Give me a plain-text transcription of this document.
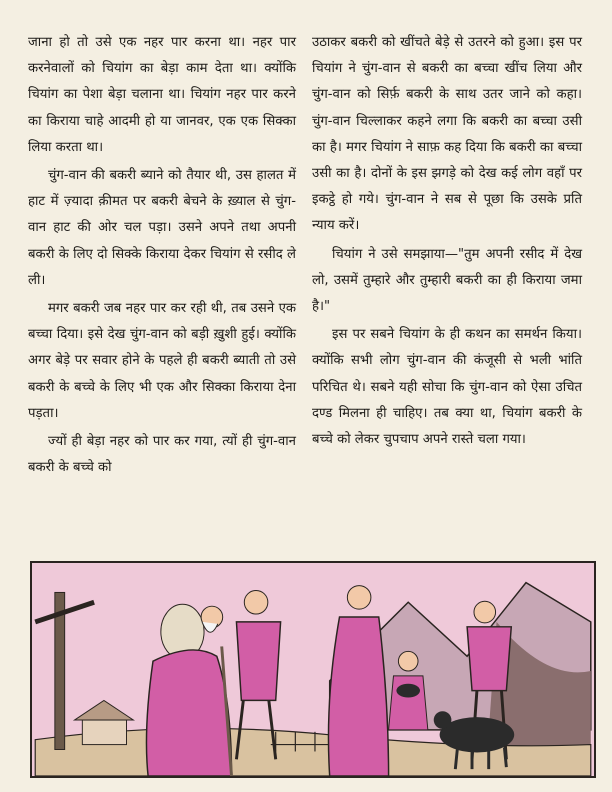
जाना हो तो उसे एक नहर पार करना था। नहर पार करनेवालों को चियांग का बेड़ा काम देता था। क्योंकि चियांग का पेशा बेड़ा चलाना था। चियांग नहर पार करने का किराया चाहे आदमी हो या जानवर, एक एक सिक्का लिया करता था।

चुंग-वान की बकरी ब्याने को तैयार थी, उस हालत में हाट में ज़्यादा क़ीमत पर बकरी बेचने के ख़्याल से चुंग-वान हाट की ओर चल पड़ा। उसने अपने तथा अपनी बकरी के लिए दो सिक्के किराया देकर चियांग से रसीद ले ली।

मगर बकरी जब नहर पार कर रही थी, तब उसने एक बच्चा दिया। इसे देख चुंग-वान को बड़ी ख़ुशी हुई। क्योंकि अगर बेड़े पर सवार होने के पहले ही बकरी ब्याती तो उसे बकरी के बच्चे के लिए भी एक और सिक्का किराया देना पड़ता।

ज्यों ही बेड़ा नहर को पार कर गया, त्यों ही चुंग-वान बकरी के बच्चे को

उठाकर बकरी को खींचते बेड़े से उतरने को हुआ। इस पर चियांग ने चुंग-वान से बकरी का बच्चा खींच लिया और चुंग-वान को सिर्फ़ बकरी के साथ उतर जाने को कहा। चुंग-वान चिल्लाकर कहने लगा कि बकरी का बच्चा उसी का है। मगर चियांग ने साफ़ कह दिया कि बकरी का बच्चा उसी का है। दोनों के इस झगड़े को देख कई लोग वहाँ पर इकट्ठे हो गये। चुंग-वान ने सब से पूछा कि उसके प्रति न्याय करें।

चियांग ने उसे समझाया—"तुम अपनी रसीद में देख लो, उसमें तुम्हारे और तुम्हारी बकरी का ही किराया जमा है।"

इस पर सबने चियांग के ही कथन का समर्थन किया। क्योंकि सभी लोग चुंग-वान की कंजूसी से भली भांति परिचित थे। सबने यही सोचा कि चुंग-वान को ऐसा उचित दण्ड मिलना ही चाहिए। तब क्या था, चियांग बकरी के बच्चे को लेकर चुपचाप अपने रास्ते चला गया।
